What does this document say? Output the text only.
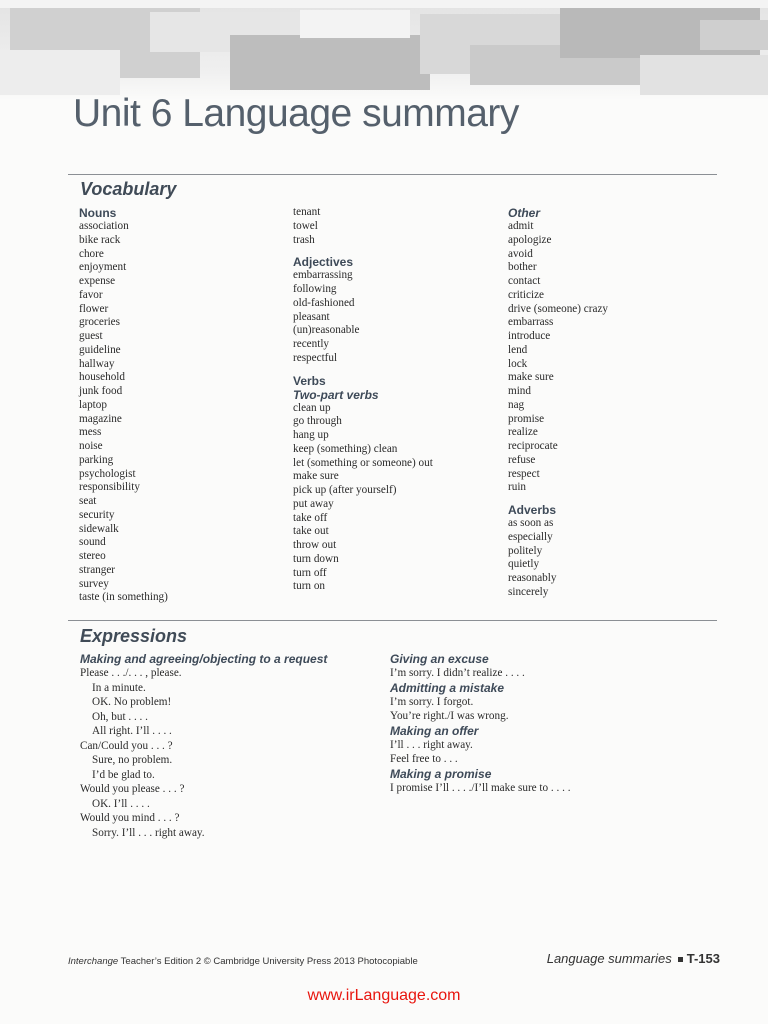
Unit 6 Language summary
Vocabulary
Nouns
association
bike rack
chore
enjoyment
expense
favor
flower
groceries
guest
guideline
hallway
household
junk food
laptop
magazine
mess
noise
parking
psychologist
responsibility
seat
security
sidewalk
sound
stereo
stranger
survey
taste (in something)
tenant
towel
trash
Adjectives
embarrassing
following
old-fashioned
pleasant
(un)reasonable
recently
respectful
Verbs
Two-part verbs
clean up
go through
hang up
keep (something) clean
let (something or someone) out
make sure
pick up (after yourself)
put away
take off
take out
throw out
turn down
turn off
turn on
Other
admit
apologize
avoid
bother
contact
criticize
drive (someone) crazy
embarrass
introduce
lend
lock
make sure
mind
nag
promise
realize
reciprocate
refuse
respect
ruin
Adverbs
as soon as
especially
politely
quietly
reasonably
sincerely
Expressions
Making and agreeing/objecting to a request
Please . . ./. . . , please.
In a minute.
OK. No problem!
Oh, but . . . .
All right. I’ll . . . .
Can/Could you . . . ?
Sure, no problem.
I’d be glad to.
Would you please . . . ?
OK. I’ll . . . .
Would you mind . . . ?
Sorry. I’ll . . . right away.
Giving an excuse
I’m sorry. I didn’t realize . . . .
Admitting a mistake
I’m sorry. I forgot.
You’re right./I was wrong.
Making an offer
I’ll . . . right away.
Feel free to . . .
Making a promise
I promise I’ll . . . ./I’ll make sure to . . . .
Interchange Teacher’s Edition 2 © Cambridge University Press 2013 Photocopiable	Language summaries T-153
www.irLanguage.com
